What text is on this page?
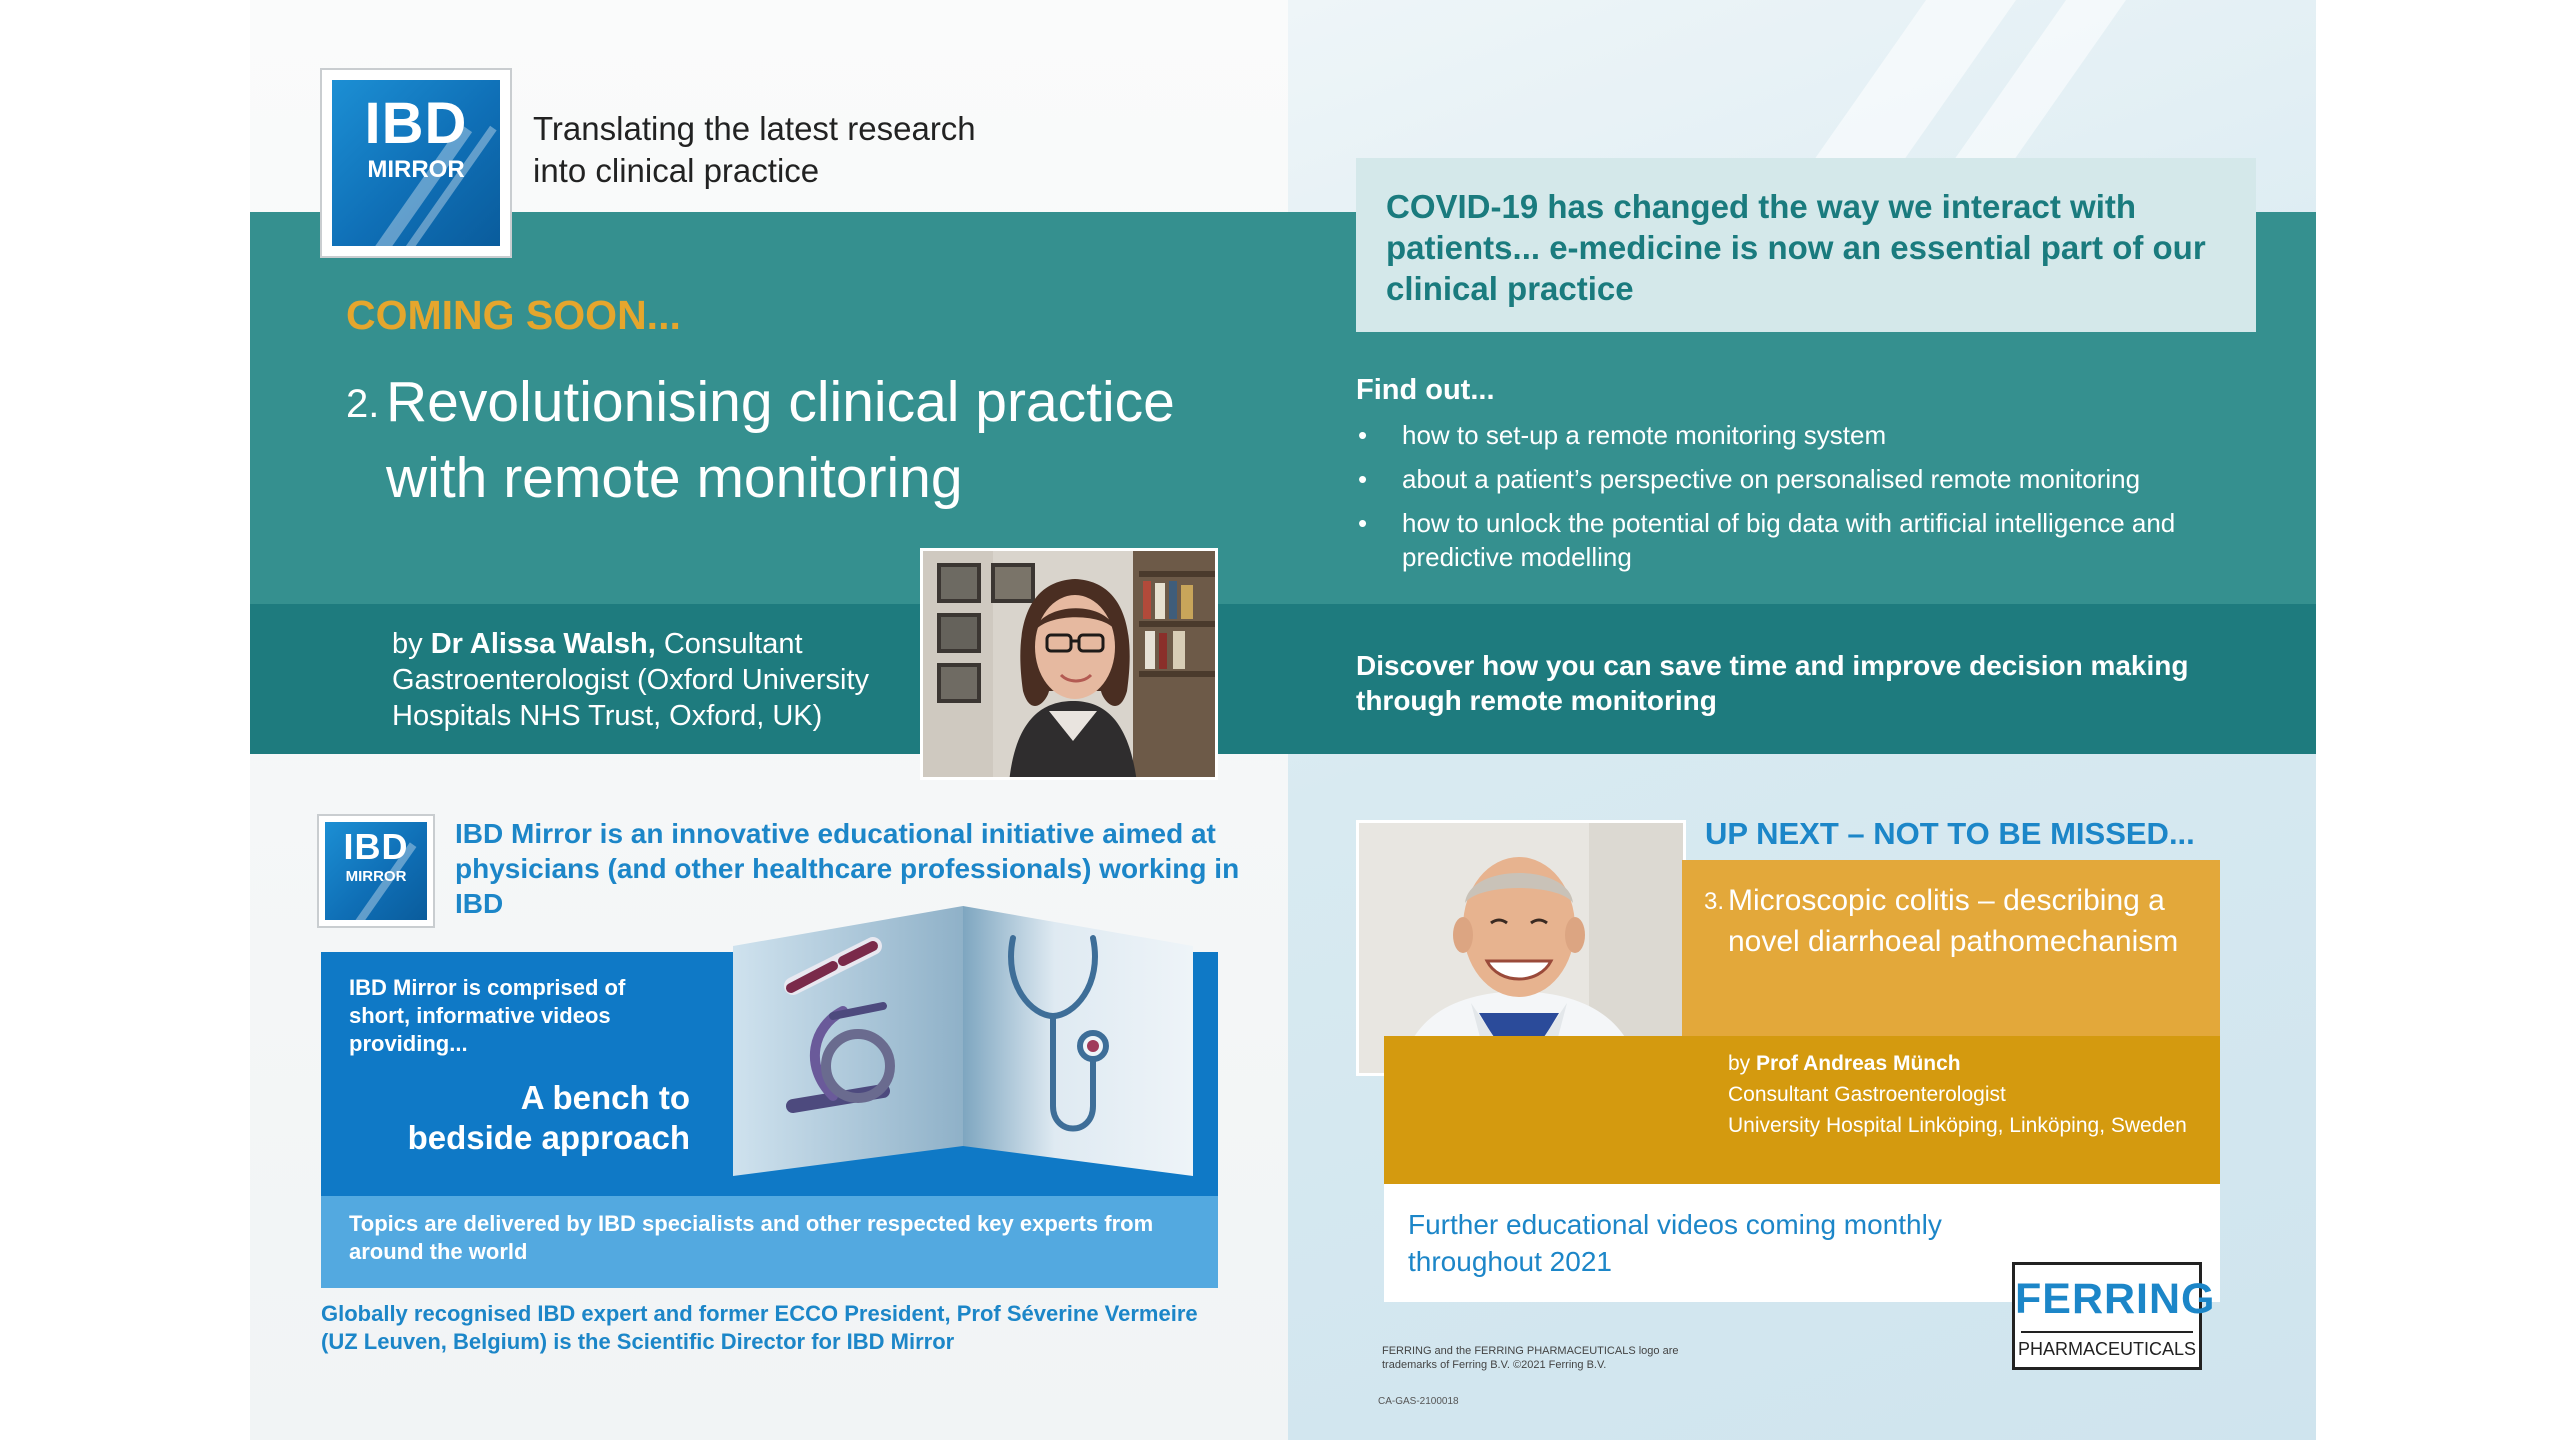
IBD
MIRROR
Translating the latest research
into clinical practice
COMING SOON...
2. Revolutionising clinical practice with remote monitoring
by Dr Alissa Walsh, Consultant Gastroenterologist (Oxford University Hospitals NHS Trust, Oxford, UK)
COVID-19 has changed the way we interact with patients... e-medicine is now an essential part of our clinical practice
Find out...
• how to set-up a remote monitoring system
• about a patient’s perspective on personalised remote monitoring
• how to unlock the potential of big data with artificial intelligence and predictive modelling
Discover how you can save time and improve decision making through remote monitoring
IBD
MIRROR
IBD Mirror is an innovative educational initiative aimed at physicians (and other healthcare professionals) working in IBD
IBD Mirror is comprised of short, informative videos providing...
A bench to
bedside approach
Topics are delivered by IBD specialists and other respected key experts from around the world
Globally recognised IBD expert and former ECCO President, Prof Séverine Vermeire (UZ Leuven, Belgium) is the Scientific Director for IBD Mirror
UP NEXT – NOT TO BE MISSED...
3. Microscopic colitis – describing a novel diarrhoeal pathomechanism
by Prof Andreas Münch
Consultant Gastroenterologist
University Hospital Linköping, Linköping, Sweden
Further educational videos coming monthly throughout 2021
FERRING
PHARMACEUTICALS
FERRING and the FERRING PHARMACEUTICALS logo are trademarks of Ferring B.V. ©2021 Ferring B.V.
CA-GAS-2100018
